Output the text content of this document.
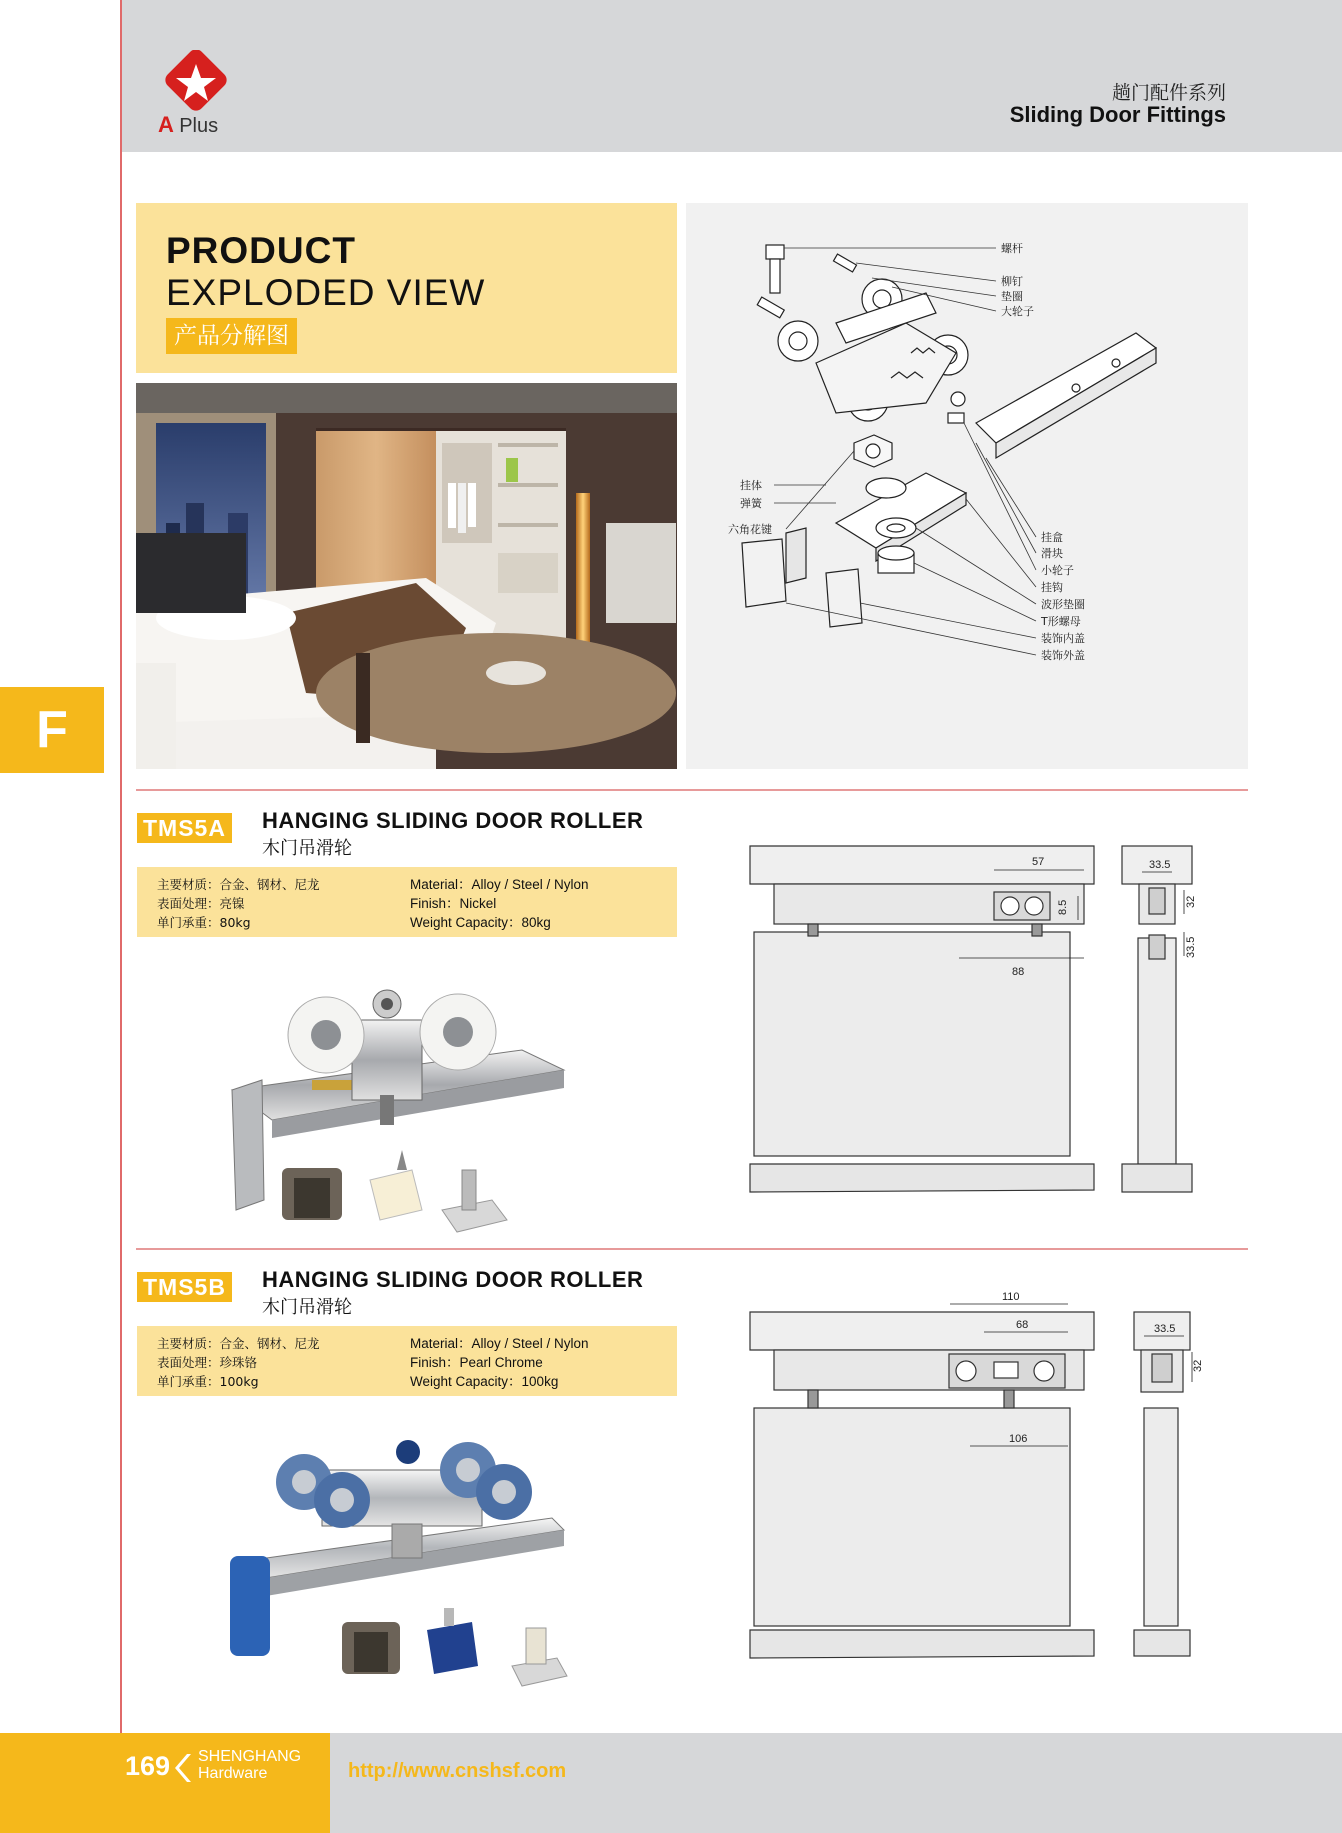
A Plus
趟门配件系列
Sliding Door Fittings
F
PRODUCT
EXPLODED VIEW
产品分解图
螺杆
柳钉
垫圈
大轮子
挂体
弹簧
六角花键
挂盒
滑块
小轮子
挂钩
波形垫圈
T形螺母
装饰内盖
装饰外盖
TMS5A HANGING SLIDING DOOR ROLLER
木门吊滑轮
主要材质：合金、钢材、尼龙
表面处理：亮镍
单门承重：80kg
Material：Alloy / Steel / Nylon
Finish：Nickel
Weight Capacity：80kg
57
8.5
88
33.5
32
33.5
TMS5B HANGING SLIDING DOOR ROLLER
木门吊滑轮
主要材质：合金、钢材、尼龙
表面处理：珍珠铬
单门承重：100kg
Material：Alloy / Steel / Nylon
Finish：Pearl Chrome
Weight Capacity：100kg
110
68
106
33.5
32
169 SHENGHANG
Hardware	http://www.cnshsf.com
